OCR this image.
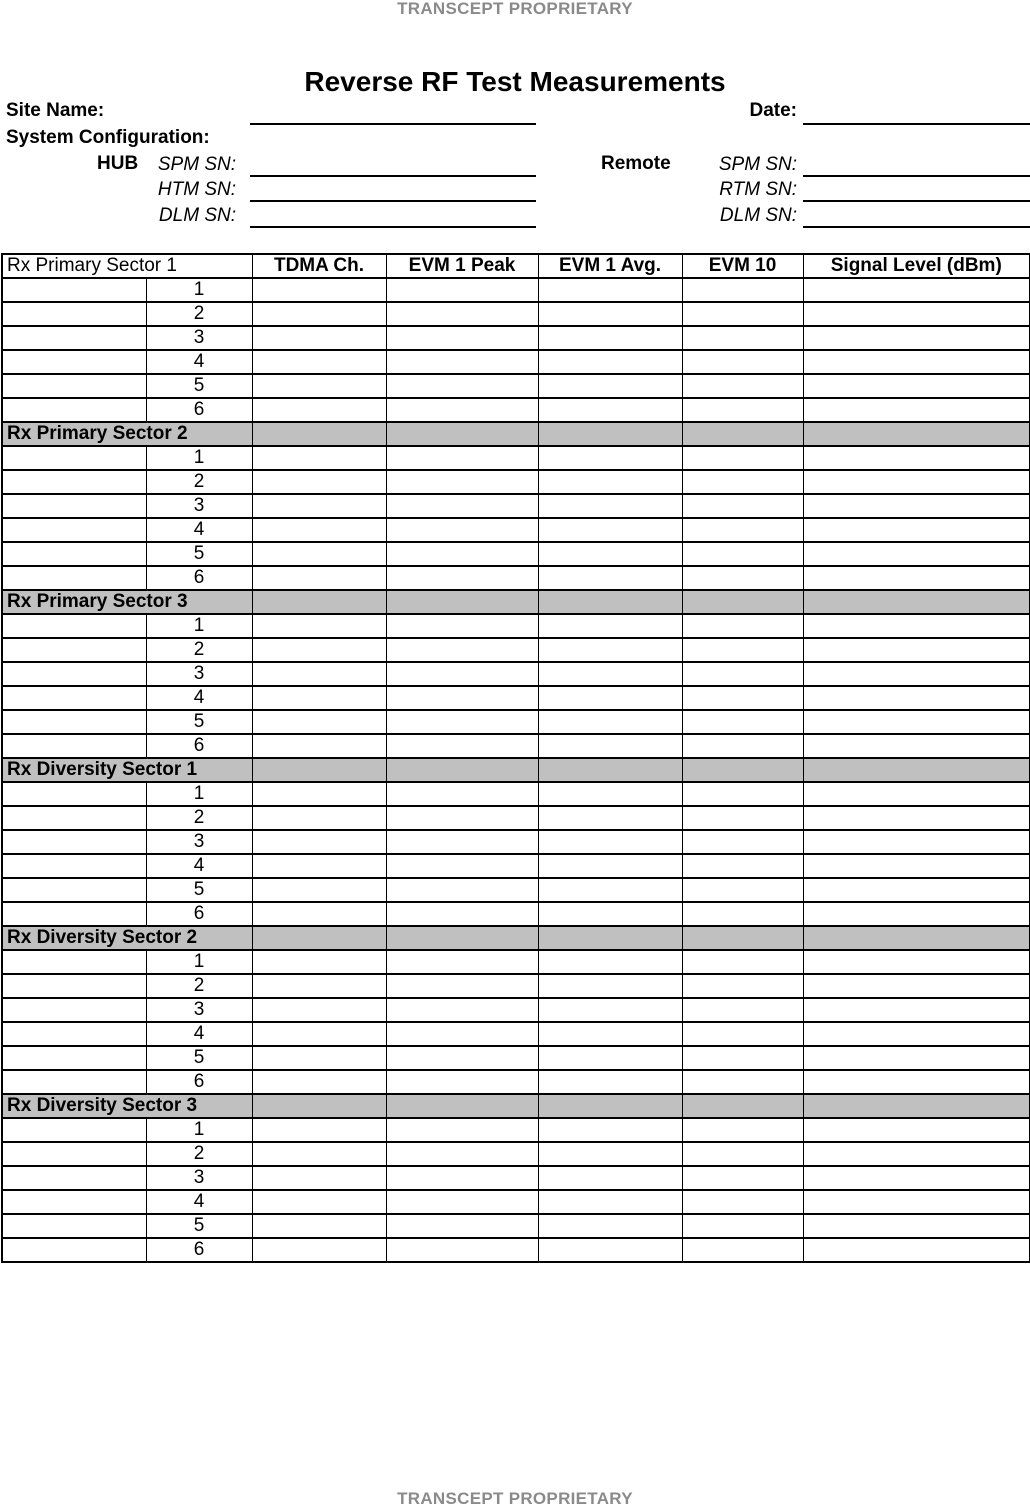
TRANSCEPT PROPRIETARY
Reverse RF Test Measurements
Site Name:	Date:
System Configuration:
HUB	SPM SN:
HTM SN:
DLM SN:
Remote	SPM SN:
RTM SN:
DLM SN:
Rx Primary Sector 1		TDMA Ch.	EVM 1 Peak	EVM 1 Avg.	EVM 10	Signal Level (dBm)
	1					
	2					
	3					
	4					
	5					
	6					
Rx Primary Sector 2						
	1					
	2					
	3					
	4					
	5					
	6					
Rx Primary Sector 3						
	1					
	2					
	3					
	4					
	5					
	6					
Rx Diversity Sector 1						
	1					
	2					
	3					
	4					
	5					
	6					
Rx Diversity Sector 2						
	1					
	2					
	3					
	4					
	5					
	6					
Rx Diversity Sector 3						
	1					
	2					
	3					
	4					
	5					
	6					
TRANSCEPT PROPRIETARY
